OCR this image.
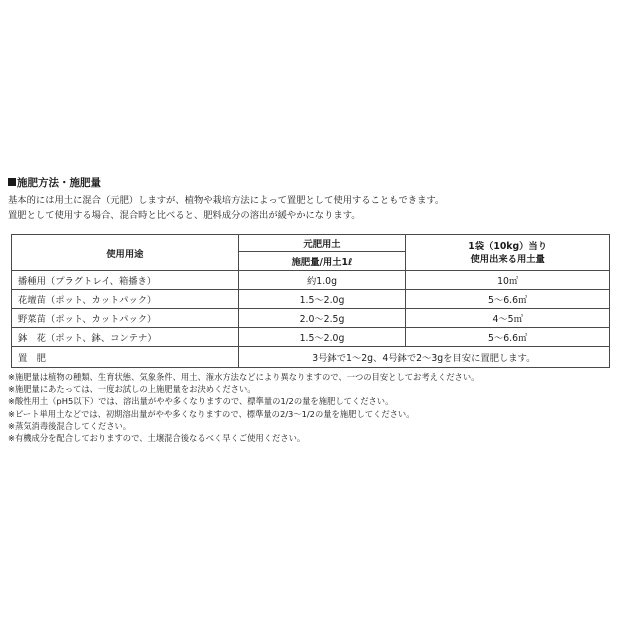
施肥方法・施肥量

基本的には用土に混合（元肥）しますが、植物や栽培方法によって置肥として使用することもできます。

置肥として使用する場合、混合時と比べると、肥料成分の溶出が緩やかになります。

使用用途	元肥用土	1袋（10kg）当り
使用出来る用土量

	施肥量/用土1ℓ	
播種用（プラグトレイ、箱播き）	約1.0g	10㎥
花壇苗（ポット、カットパック）	1.5～2.0g	5～6.6㎥
野菜苗（ポット、カットパック）	2.0～2.5g	4～5㎥
鉢　花（ポット、鉢、コンテナ）	1.5～2.0g	5～6.6㎥
置　肥	3号鉢で1～2g、4号鉢で2～3gを目安に置肥します。	
※施肥量は植物の種類、生育状態、気象条件、用土、潅水方法などにより異なりますので、一つの目安としてお考えください。
※施肥量にあたっては、一度お試しの上施肥量をお決めください。
※酸性用土（pH5以下）では、溶出量がやや多くなりますので、標準量の1/2の量を施肥してください。
※ピート単用土などでは、初期溶出量がやや多くなりますので、標準量の2/3～1/2の量を施肥してください。
※蒸気消毒後混合してください。
※有機成分を配合しておりますので、土壌混合後なるべく早くご使用ください。
